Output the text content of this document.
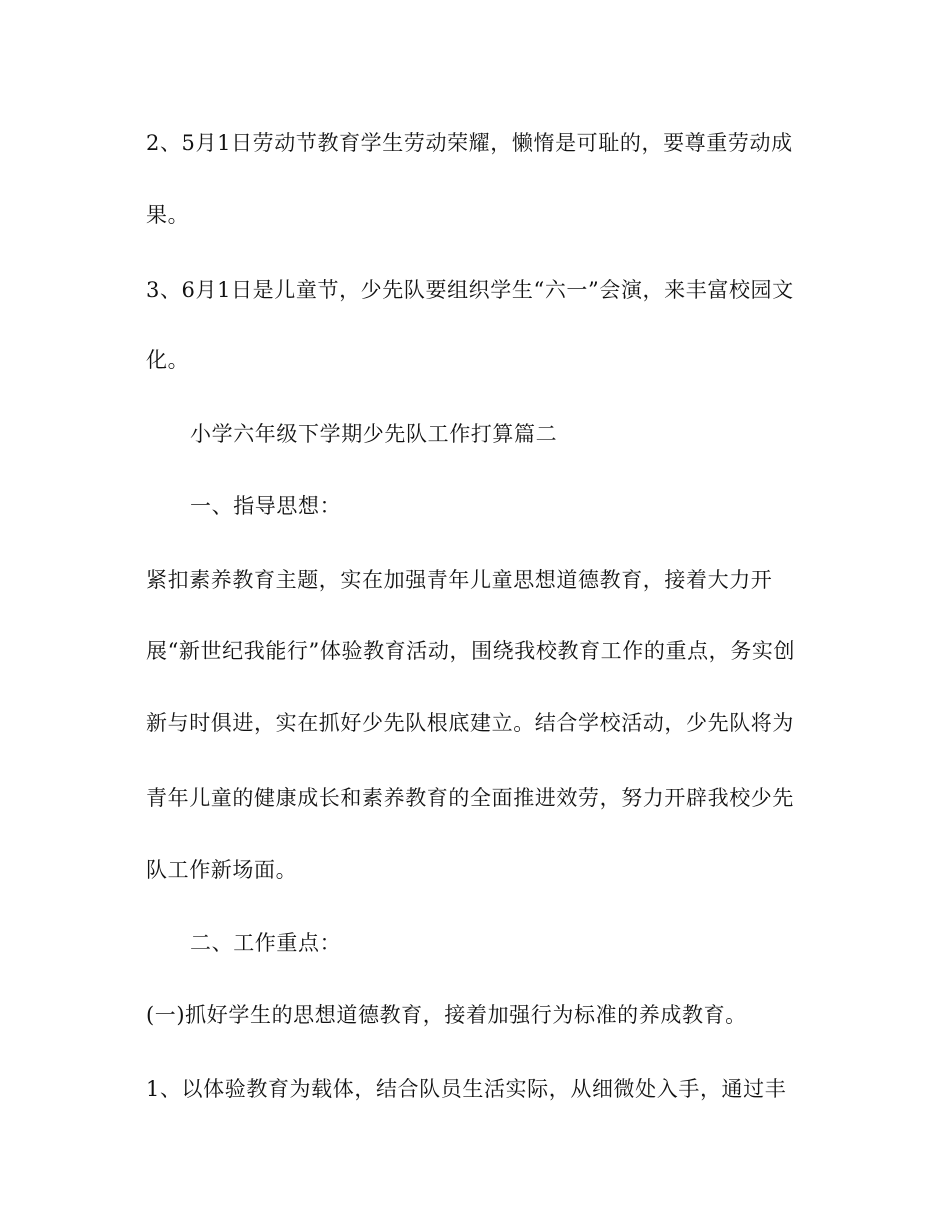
2、5月1日劳动节教育学生劳动荣耀，懒惰是可耻的，要尊重劳动成
果。
3、6月1日是儿童节，少先队要组织学生“六一”会演，来丰富校园文
化。
小学六年级下学期少先队工作打算篇二
一、指导思想：
紧扣素养教育主题，实在加强青年儿童思想道德教育，接着大力开
展“新世纪我能行”体验教育活动，围绕我校教育工作的重点，务实创
新与时俱进，实在抓好少先队根底建立。结合学校活动，少先队将为
青年儿童的健康成长和素养教育的全面推进效劳，努力开辟我校少先
队工作新场面。
二、工作重点：
(一)抓好学生的思想道德教育，接着加强行为标准的养成教育。
1、以体验教育为载体，结合队员生活实际，从细微处入手，通过丰
